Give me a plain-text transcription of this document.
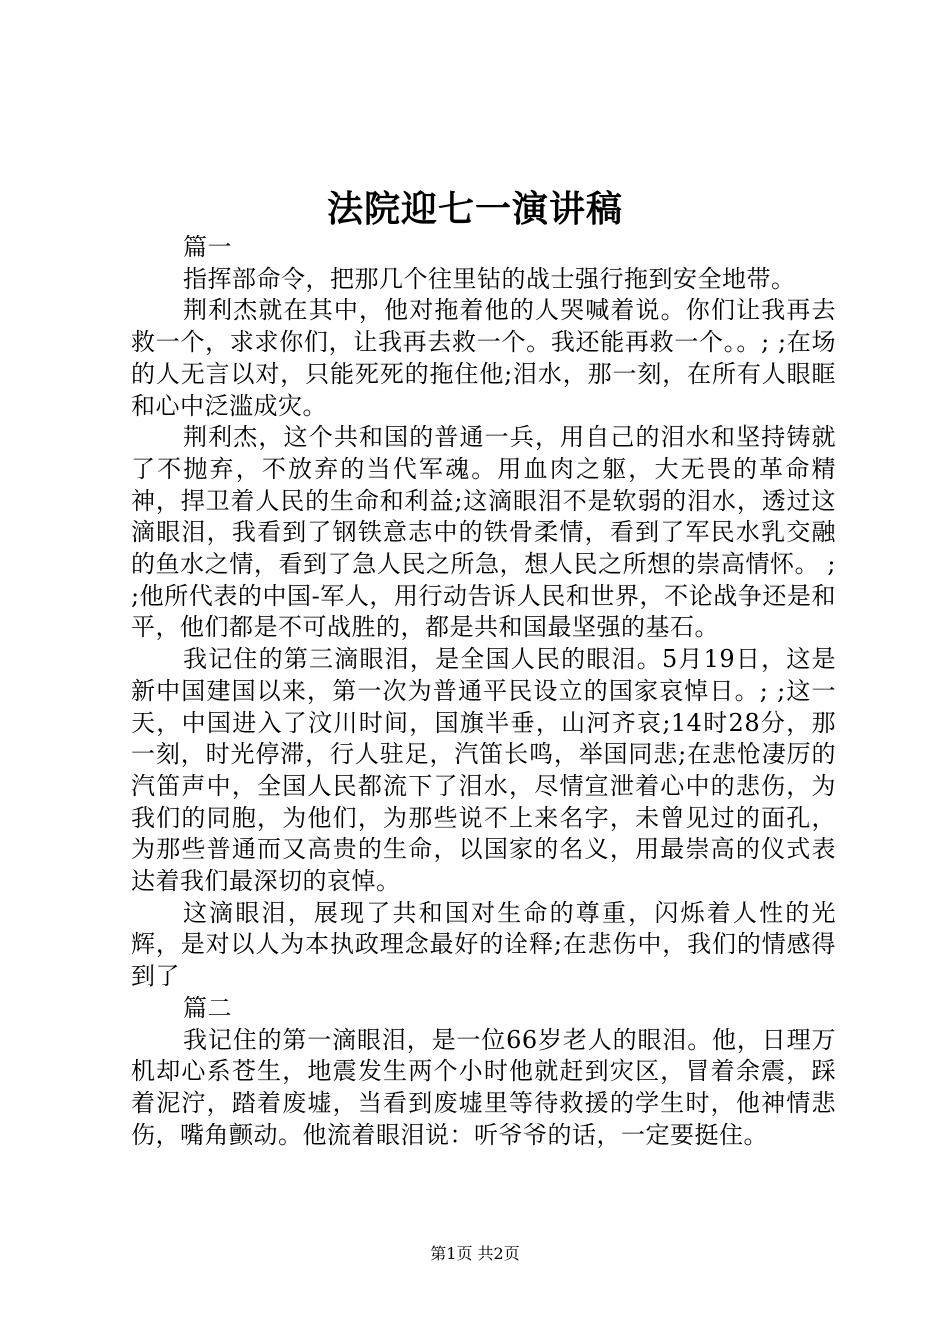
法院迎七一演讲稿

篇一

指挥部命令，把那几个往里钻的战士强行拖到安全地带。

荆利杰就在其中，他对拖着他的人哭喊着说。你们让我再去救一个，求求你们，让我再去救一个。我还能再救一个。。; ;在场的人无言以对，只能死死的拖住他;泪水，那一刻，在所有人眼眶和心中泛滥成灾。

荆利杰，这个共和国的普通一兵，用自己的泪水和坚持铸就了不抛弃，不放弃的当代军魂。用血肉之躯，大无畏的革命精神，捍卫着人民的生命和利益;这滴眼泪不是软弱的泪水，透过这滴眼泪，我看到了钢铁意志中的铁骨柔情，看到了军民水乳交融的鱼水之情，看到了急人民之所急，想人民之所想的崇高情怀。 ; ;他所代表的中国-军人，用行动告诉人民和世界，不论战争还是和平，他们都是不可战胜的，都是共和国最坚强的基石。

我记住的第三滴眼泪，是全国人民的眼泪。5月19日，这是新中国建国以来，第一次为普通平民设立的国家哀悼日。; ;这一天，中国进入了汶川时间，国旗半垂，山河齐哀;14时28分，那一刻，时光停滞，行人驻足，汽笛长鸣，举国同悲;在悲怆凄厉的汽笛声中，全国人民都流下了泪水，尽情宣泄着心中的悲伤，为我们的同胞，为他们，为那些说不上来名字，未曾见过的面孔，为那些普通而又高贵的生命，以国家的名义，用最崇高的仪式表达着我们最深切的哀悼。

这滴眼泪，展现了共和国对生命的尊重，闪烁着人性的光辉，是对以人为本执政理念最好的诠释;在悲伤中，我们的情感得到了

篇二

我记住的第一滴眼泪，是一位66岁老人的眼泪。他，日理万机却心系苍生，地震发生两个小时他就赶到灾区，冒着余震，踩着泥泞，踏着废墟，当看到废墟里等待救援的学生时，他神情悲伤，嘴角颤动。他流着眼泪说：听爷爷的话，一定要挺住。

第1页 共2页
